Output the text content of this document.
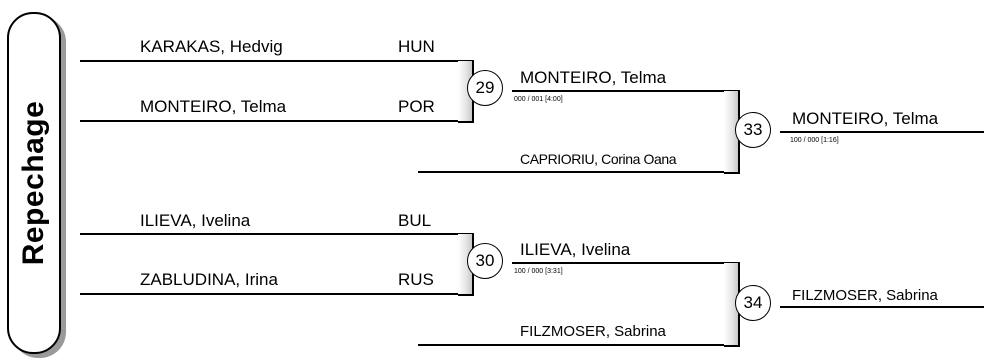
Repechage
KARAKAS, Hedvig	HUN
MONTEIRO, Telma	POR
29
MONTEIRO, Telma
000 / 001 [4:00]
CAPRIORIU, Corina Oana
33
MONTEIRO, Telma
100 / 000 [1:16]
ILIEVA, Ivelina	BUL
ZABLUDINA, Irina	RUS
30
ILIEVA, Ivelina
100 / 000 [3:31]
FILZMOSER, Sabrina
34	FILZMOSER, Sabrina
